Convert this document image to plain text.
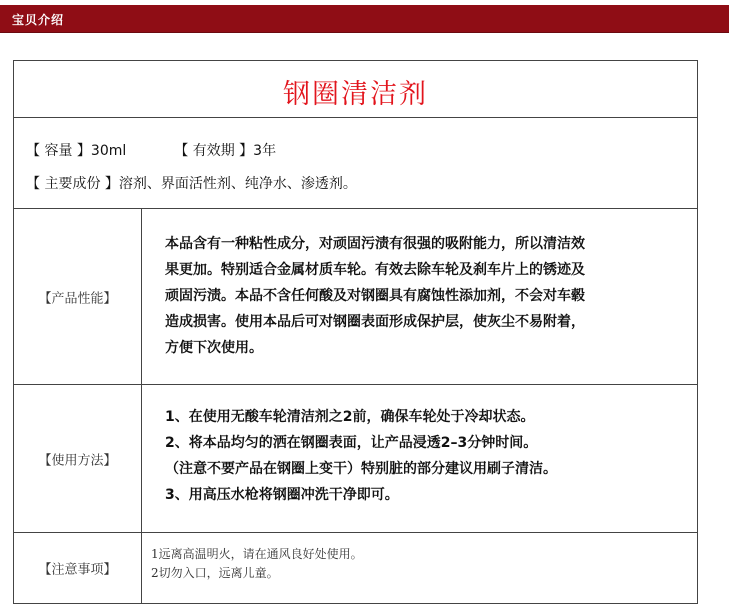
宝贝介绍
钢圈清洁剂
【 容量 】30ml	【 有效期 】3年
【 主要成份 】溶剂、界面活性剂、纯净水、渗透剂。
【产品性能】
本品含有一种粘性成分，对顽固污渍有很强的吸附能力，所以清洁效
果更加。特别适合金属材质车轮。有效去除车轮及刹车片上的锈迹及
顽固污渍。本品不含任何酸及对钢圈具有腐蚀性添加剂，不会对车毂
造成损害。使用本品后可对钢圈表面形成保护层，使灰尘不易附着，
方便下次使用。
【使用方法】
1、在使用无酸车轮清洁剂之2前，确保车轮处于冷却状态。
2、将本品均匀的洒在钢圈表面，让产品浸透2–3分钟时间。
（注意不要产品在钢圈上变干）特别脏的部分建议用刷子清洁。
3、用高压水枪将钢圈冲洗干净即可。
【注意事项】
1远离高温明火，请在通风良好处使用。
2切勿入口，远离儿童。
